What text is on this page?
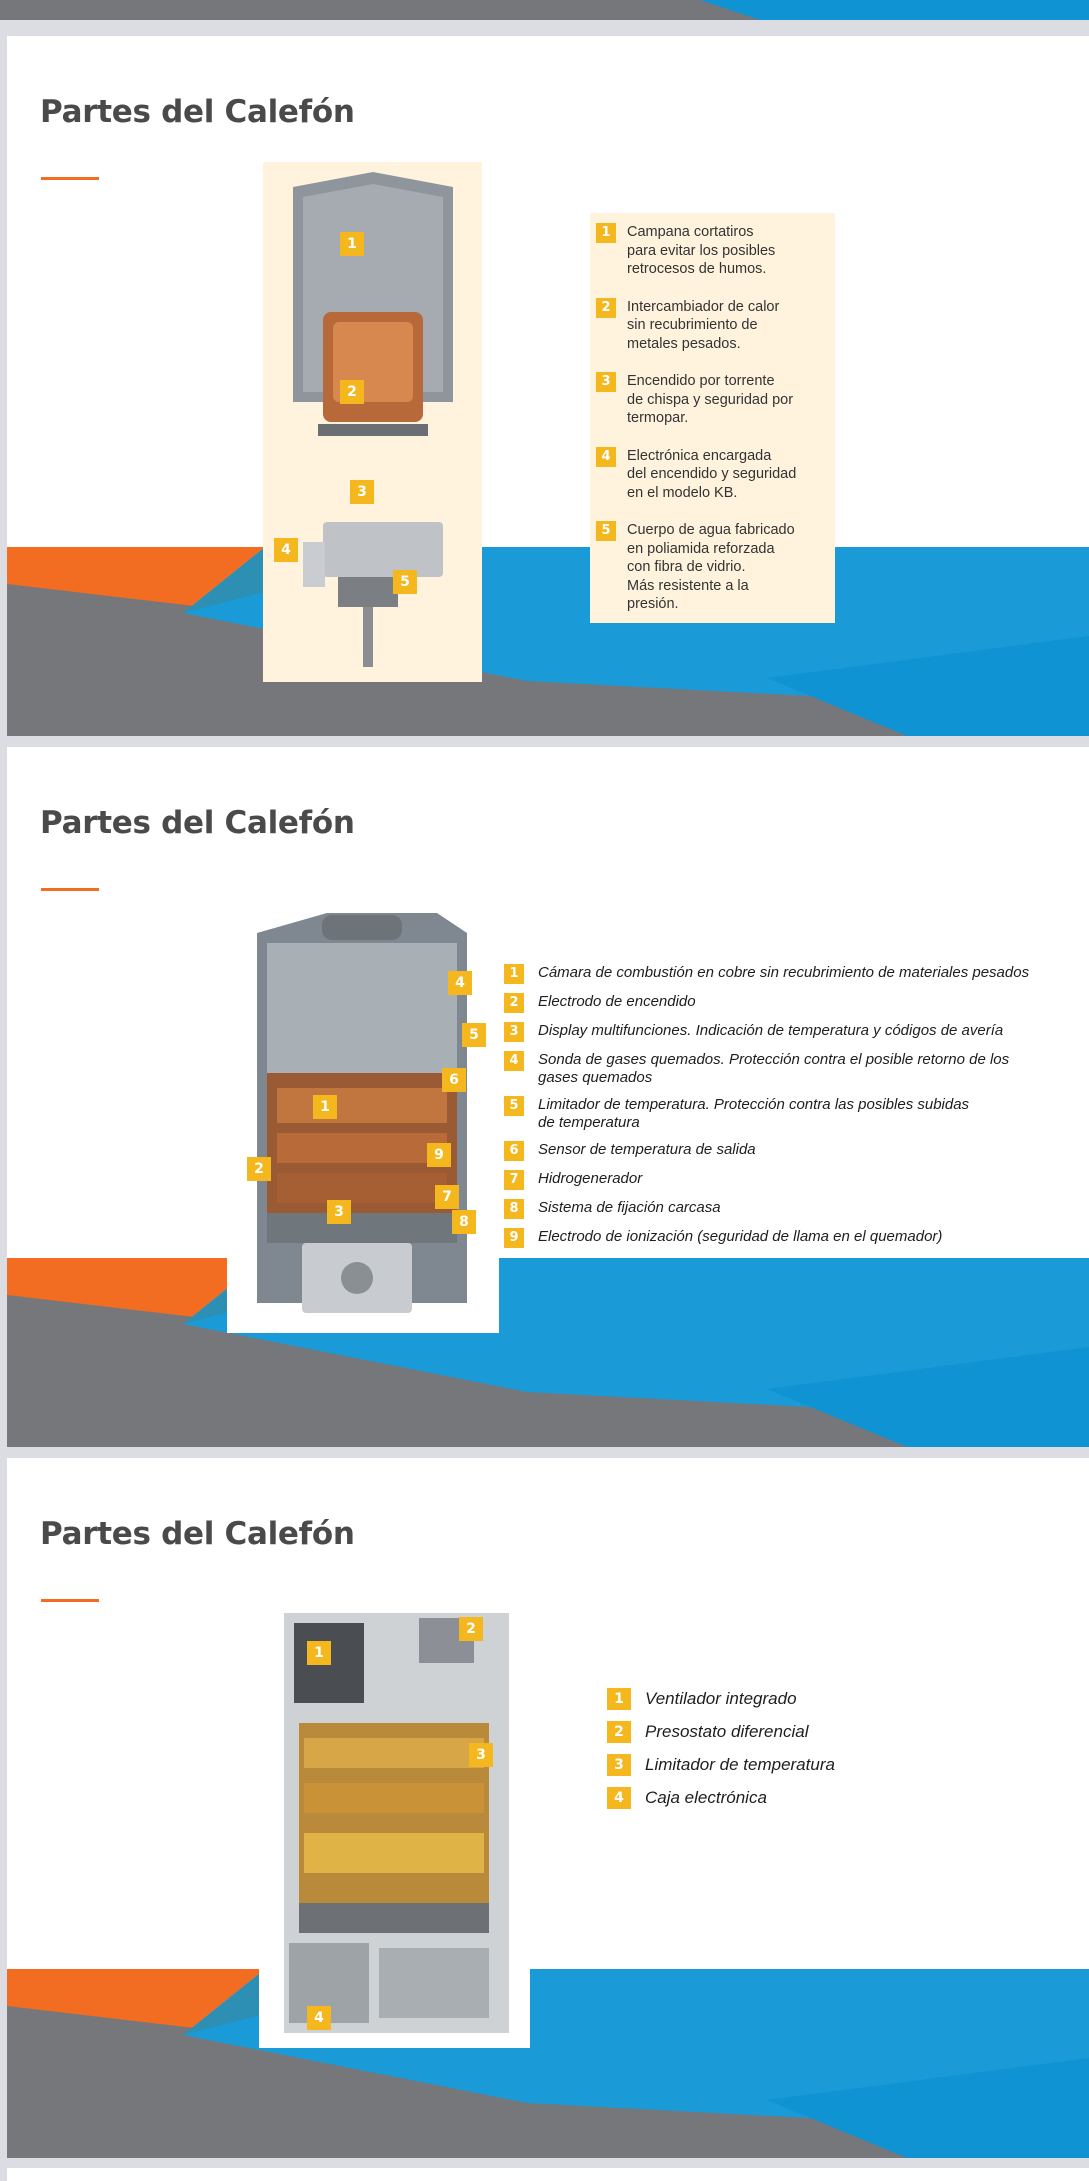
Partes del Calefón
1
2
3
4
5
1	Campana cortatiros
para evitar los posibles
retrocesos de humos.
2	Intercambiador de calor
sin recubrimiento de
metales pesados.
3	Encendido por torrente
de chispa y seguridad por
termopar.
4	Electrónica encargada
del encendido y seguridad
en el modelo KB.
5	Cuerpo de agua fabricado
en poliamida reforzada
con fibra de vidrio.
Más resistente a la
presión.
Partes del Calefón
4
5
6
1
9
2
7
3
8
1	Cámara de combustión en cobre sin recubrimiento de materiales pesados
2	Electrodo de encendido
3	Display multifunciones. Indicación de temperatura y códigos de avería
4	Sonda de gases quemados. Protección contra el posible retorno de los
gases quemados
5	Limitador de temperatura. Protección contra las posibles subidas
de temperatura
6	Sensor de temperatura de salida
7	Hidrogenerador
8	Sistema de fijación carcasa
9	Electrodo de ionización (seguridad de llama en el quemador)
Partes del Calefón
1
2
3
4
1	Ventilador integrado
2	Presostato diferencial
3	Limitador de temperatura
4	Caja electrónica
